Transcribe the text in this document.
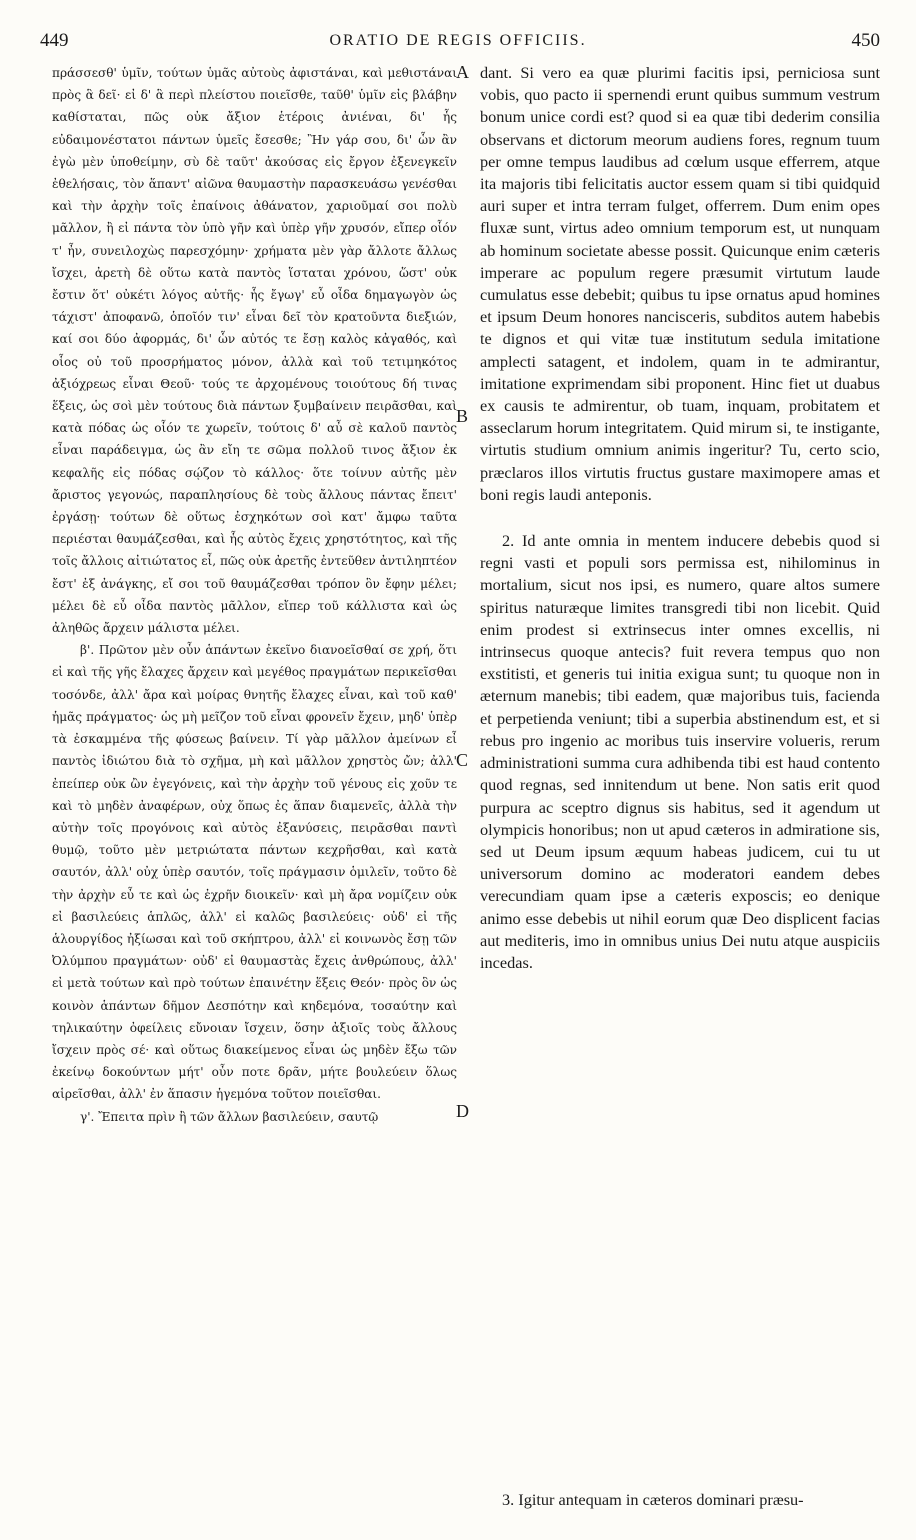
449	ORATIO DE REGIS OFFICIIS.	450

πράσσεσθ' ὑμῖν, τούτων ὑμᾶς αὐτοὺς ἀφιστάναι, καὶ μεθιστάναι πρὸς ἃ δεῖ· εἰ δ' ἃ περὶ πλείστου ποιεῖσθε, ταῦθ' ὑμῖν εἰς βλάβην καθίσταται, πῶς οὐκ ἄξιον ἑτέροις ἀνιέναι, δι' ἧς εὐδαιμονέστατοι πάντων ὑμεῖς ἔσεσθε; Ἢν γάρ σου, δι' ὧν ἂν ἐγὼ μὲν ὑποθείμην, σὺ δὲ ταῦτ' ἀκούσας εἰς ἔργον ἐξενεγκεῖν ἐθελήσαις, τὸν ἅπαντ' αἰῶνα θαυμαστὴν παρασκευάσω γενέσθαι καὶ τὴν ἀρχὴν τοῖς ἐπαίνοις ἀθάνατον, χαριοῦμαί σοι πολὺ μᾶλλον, ἢ εἰ πάντα τὸν ὑπὸ γῆν καὶ ὑπὲρ γῆν χρυσόν, εἴπερ οἷόν τ' ἦν, συνειλοχὼς παρεσχόμην· χρήματα μὲν γὰρ ἄλλοτε ἄλλως ἴσχει, ἀρετὴ δὲ οὕτω κατὰ παντὸς ἵσταται χρόνου, ὥστ' οὐκ ἔστιν ὅτ' οὐκέτι λόγος αὐτῆς· ἧς ἔγωγ' εὖ οἶδα δημαγωγὸν ὡς τάχιστ' ἀποφανῶ, ὁποῖόν τιν' εἶναι δεῖ τὸν κρατοῦντα διεξιών, καί σοι δύο ἀφορμάς, δι' ὧν αὐτός τε ἔσῃ καλὸς κἀγαθός, καὶ οἷος οὐ τοῦ προσρήματος μόνον, ἀλλὰ καὶ τοῦ τετιμηκότος ἀξιόχρεως εἶναι Θεοῦ· τούς τε ἀρχομένους τοιούτους δή τινας ἕξεις, ὡς σοὶ μὲν τούτους διὰ πάντων ξυμβαίνειν πειρᾶσθαι, καὶ κατὰ πόδας ὡς οἷόν τε χωρεῖν, τούτοις δ' αὖ σὲ καλοῦ παντὸς εἶναι παράδειγμα, ὡς ἂν εἴη τε σῶμα πολλοῦ τινος ἄξιον ἐκ κεφαλῆς εἰς πόδας σῴζον τὸ κάλλος· ὅτε τοίνυν αὐτῆς μὲν ἄριστος γεγονώς, παραπλησίους δὲ τοὺς ἄλλους πάντας ἔπειτ' ἐργάσῃ· τούτων δὲ οὕτως ἐσχηκότων σοὶ κατ' ἄμφω ταῦτα περιέσται θαυμάζεσθαι, καὶ ἧς αὐτὸς ἔχεις χρηστότητος, καὶ τῆς τοῖς ἄλλοις αἰτιώτατος εἶ, πῶς οὐκ ἀρετῆς ἐντεῦθεν ἀντιληπτέον ἔστ' ἐξ ἀνάγκης, εἴ σοι τοῦ θαυμάζεσθαι τρόπον ὃν ἔφην μέλει; μέλει δὲ εὖ οἶδα παντὸς μᾶλλον, εἴπερ τοῦ κάλλιστα καὶ ὡς ἀληθῶς ἄρχειν μάλιστα μέλει.

β'. Πρῶτον μὲν οὖν ἁπάντων ἐκεῖνο διανοεῖσθαί σε χρή, ὅτι εἰ καὶ τῆς γῆς ἔλαχες ἄρχειν καὶ μεγέθος πραγμάτων περικεῖσθαι τοσόνδε, ἀλλ' ἄρα καὶ μοίρας θνητῆς ἔλαχες εἶναι, καὶ τοῦ καθ' ἡμᾶς πράγματος· ὡς μὴ μεῖζον τοῦ εἶναι φρονεῖν ἔχειν, μηδ' ὑπὲρ τὰ ἐσκαμμένα τῆς φύσεως βαίνειν. Τί γὰρ μᾶλλον ἀμείνων εἶ παντὸς ἰδιώτου διὰ τὸ σχῆμα, μὴ καὶ μᾶλλον χρηστὸς ὤν; ἀλλ' ἐπείπερ οὐκ ὢν ἐγεγόνεις, καὶ τὴν ἀρχὴν τοῦ γένους εἰς χοῦν τε καὶ τὸ μηδὲν ἀναφέρων, οὐχ ὅπως ἐς ἅπαν διαμενεῖς, ἀλλὰ τὴν αὐτὴν τοῖς προγόνοις καὶ αὐτὸς ἐξανύσεις, πειρᾶσθαι παντὶ θυμῷ, τοῦτο μὲν μετριώτατα πάντων κεχρῆσθαι, καὶ κατὰ σαυτόν, ἀλλ' οὐχ ὑπὲρ σαυτόν, τοῖς πράγμασιν ὁμιλεῖν, τοῦτο δὲ τὴν ἀρχὴν εὖ τε καὶ ὡς ἐχρῆν διοικεῖν· καὶ μὴ ἄρα νομίζειν οὐκ εἰ βασιλεύεις ἁπλῶς, ἀλλ' εἰ καλῶς βασιλεύεις· οὐδ' εἰ τῆς ἁλουργίδος ἠξίωσαι καὶ τοῦ σκήπτρου, ἀλλ' εἰ κοινωνὸς ἔσῃ τῶν Ὀλύμπου πραγμάτων· οὐδ' εἰ θαυμαστὰς ἔχεις ἀνθρώπους, ἀλλ' εἰ μετὰ τούτων καὶ πρὸ τούτων ἐπαινέτην ἕξεις Θεόν· πρὸς ὃν ὡς κοινὸν ἁπάντων δῆμον Δεσπότην καὶ κηδεμόνα, τοσαύτην καὶ τηλικαύτην ὀφείλεις εὔνοιαν ἴσχειν, ὅσην ἀξιοῖς τοὺς ἄλλους ἴσχειν πρὸς σέ· καὶ οὕτως διακείμενος εἶναι ὡς μηδὲν ἔξω τῶν ἐκείνῳ δοκούντων μήτ' οὖν ποτε δρᾶν, μήτε βουλεύειν ὅλως αἱρεῖσθαι, ἀλλ' ἐν ἅπασιν ἡγεμόνα τοῦτον ποιεῖσθαι.

γ'. Ἔπειτα πρὶν ἢ τῶν ἄλλων βασιλεύειν, σαυτῷ

A
B
C
D

dant. Si vero ea quæ plurimi facitis ipsi, perniciosa sunt vobis, quo pacto ii spernendi erunt quibus summum vestrum bonum unice cordi est? quod si ea quæ tibi dederim consilia observans et dictorum meorum audiens fores, regnum tuum per omne tempus laudibus ad cœlum usque efferrem, atque ita majoris tibi felicitatis auctor essem quam si tibi quidquid auri super et intra terram fulget, offerrem. Dum enim opes fluxæ sunt, virtus adeo omnium temporum est, ut nunquam ab hominum societate abesse possit. Quicunque enim cæteris imperare ac populum regere præsumit virtutum laude cumulatus esse debebit; quibus tu ipse ornatus apud homines et ipsum Deum honores nancisceris, subditos autem habebis te dignos et qui vitæ tuæ institutum sedula imitatione amplecti satagent, et indolem, quam in te admirantur, imitatione exprimendam sibi proponent. Hinc fiet ut duabus ex causis te admirentur, ob tuam, inquam, probitatem et asseclarum horum integritatem. Quid mirum si, te instigante, virtutis studium omnium animis ingeritur? Tu, certo scio, præclaros illos virtutis fructus gustare maximopere amas et boni regis laudi anteponis.

2. Id ante omnia in mentem inducere debebis quod si regni vasti et populi sors permissa est, nihilominus in mortalium, sicut nos ipsi, es numero, quare altos sumere spiritus naturæque limites transgredi tibi non licebit. Quid enim prodest si extrinsecus inter omnes excellis, ni intrinsecus quoque antecis? fuit revera tempus quo non exstitisti, et generis tui initia exigua sunt; tu quoque non in æternum manebis; tibi eadem, quæ majoribus tuis, facienda et perpetienda veniunt; tibi a superbia abstinendum est, et si rebus pro ingenio ac moribus tuis inservire volueris, rerum administrationi summa cura adhibenda tibi est haud contento quod regnas, sed innitendum ut bene. Non satis erit quod purpura ac sceptro dignus sis habitus, sed it agendum ut olympicis honoribus; non ut apud cæteros in admiratione sis, sed ut Deum ipsum æquum habeas judicem, cui tu ut universorum domino ac moderatori eandem debes verecundiam quam ipse a cæteris exposcis; eo denique animo esse debebis ut nihil eorum quæ Deo displicent facias aut mediteris, imo in omnibus unius Dei nutu atque auspiciis incedas.

3. Igitur antequam in cæteros dominari præsu-
